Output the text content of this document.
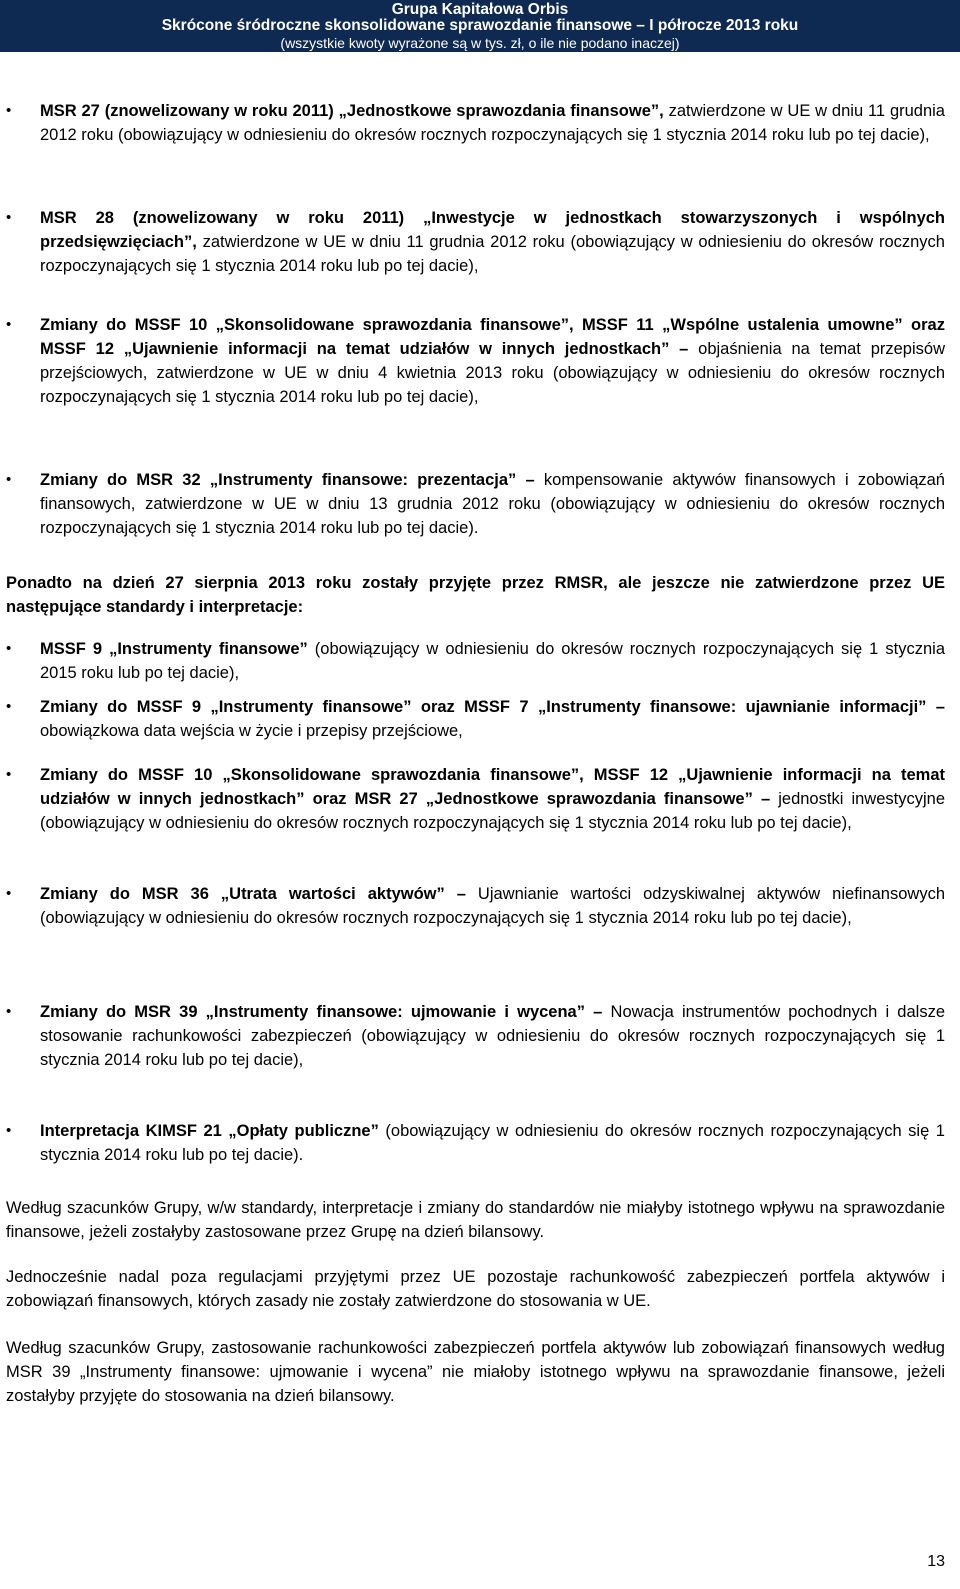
Grupa Kapitałowa Orbis
Skrócone śródroczne skonsolidowane sprawozdanie finansowe – I półrocze 2013 roku
(wszystkie kwoty wyrażone są w tys. zł, o ile nie podano inaczej)
• MSR 27 (znowelizowany w roku 2011) „Jednostkowe sprawozdania finansowe”, zatwierdzone w UE w dniu 11 grudnia 2012 roku (obowiązujący w odniesieniu do okresów rocznych rozpoczynających się 1 stycznia 2014 roku lub po tej dacie),

• MSR 28 (znowelizowany w roku 2011) „Inwestycje w jednostkach stowarzyszonych i wspólnych przedsięwzięciach”, zatwierdzone w UE w dniu 11 grudnia 2012 roku (obowiązujący w odniesieniu do okresów rocznych rozpoczynających się 1 stycznia 2014 roku lub po tej dacie),

• Zmiany do MSSF 10 „Skonsolidowane sprawozdania finansowe”, MSSF 11 „Wspólne ustalenia umowne” oraz MSSF 12 „Ujawnienie informacji na temat udziałów w innych jednostkach” – objaśnienia na temat przepisów przejściowych, zatwierdzone w UE w dniu 4 kwietnia 2013 roku (obowiązujący w odniesieniu do okresów rocznych rozpoczynających się 1 stycznia 2014 roku lub po tej dacie),

• Zmiany do MSR 32 „Instrumenty finansowe: prezentacja” – kompensowanie aktywów finansowych i zobowiązań finansowych, zatwierdzone w UE w dniu 13 grudnia 2012 roku (obowiązujący w odniesieniu do okresów rocznych rozpoczynających się 1 stycznia 2014 roku lub po tej dacie).

Ponadto na dzień 27 sierpnia 2013 roku zostały przyjęte przez RMSR, ale jeszcze nie zatwierdzone przez UE następujące standardy i interpretacje:

• MSSF 9 „Instrumenty finansowe” (obowiązujący w odniesieniu do okresów rocznych rozpoczynających się 1 stycznia 2015 roku lub po tej dacie),

• Zmiany do MSSF 9 „Instrumenty finansowe” oraz MSSF 7 „Instrumenty finansowe: ujawnianie informacji” – obowiązkowa data wejścia w życie i przepisy przejściowe,

• Zmiany do MSSF 10 „Skonsolidowane sprawozdania finansowe”, MSSF 12 „Ujawnienie informacji na temat udziałów w innych jednostkach” oraz MSR 27 „Jednostkowe sprawozdania finansowe” – jednostki inwestycyjne (obowiązujący w odniesieniu do okresów rocznych rozpoczynających się 1 stycznia 2014 roku lub po tej dacie),

• Zmiany do MSR 36 „Utrata wartości aktywów” – Ujawnianie wartości odzyskiwalnej aktywów niefinansowych (obowiązujący w odniesieniu do okresów rocznych rozpoczynających się 1 stycznia 2014 roku lub po tej dacie),

• Zmiany do MSR 39 „Instrumenty finansowe: ujmowanie i wycena” – Nowacja instrumentów pochodnych i dalsze stosowanie rachunkowości zabezpieczeń (obowiązujący w odniesieniu do okresów rocznych rozpoczynających się 1 stycznia 2014 roku lub po tej dacie),

• Interpretacja KIMSF 21 „Opłaty publiczne” (obowiązujący w odniesieniu do okresów rocznych rozpoczynających się 1 stycznia 2014 roku lub po tej dacie).

Według szacunków Grupy, w/w standardy, interpretacje i zmiany do standardów nie miałyby istotnego wpływu na sprawozdanie finansowe, jeżeli zostałyby zastosowane przez Grupę na dzień bilansowy.

Jednocześnie nadal poza regulacjami przyjętymi przez UE pozostaje rachunkowość zabezpieczeń portfela aktywów i zobowiązań finansowych, których zasady nie zostały zatwierdzone do stosowania w UE.

Według szacunków Grupy, zastosowanie rachunkowości zabezpieczeń portfela aktywów lub zobowiązań finansowych według MSR 39 „Instrumenty finansowe: ujmowanie i wycena” nie miałoby istotnego wpływu na sprawozdanie finansowe, jeżeli zostałyby przyjęte do stosowania na dzień bilansowy.

13
